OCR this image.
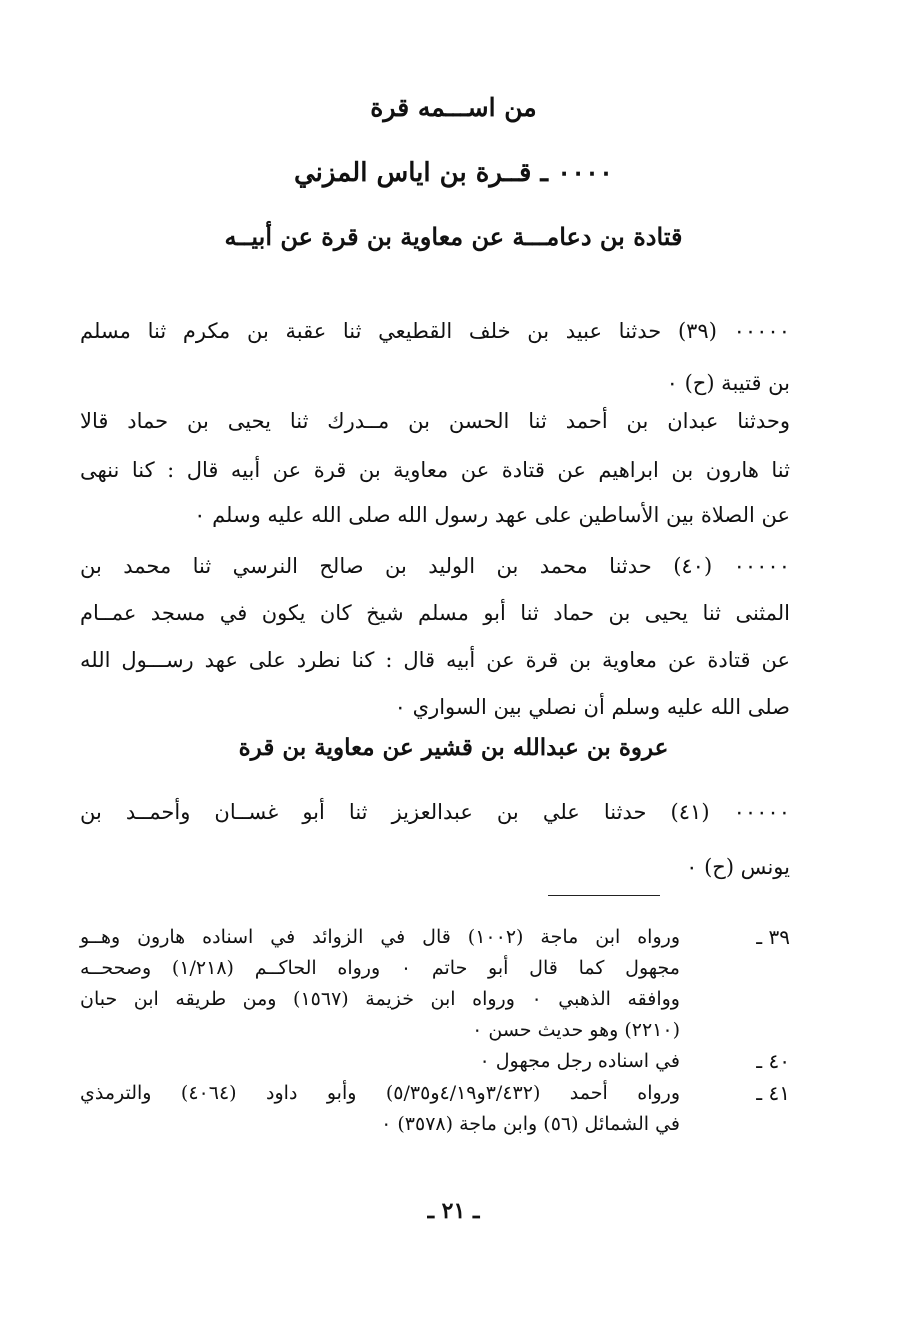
من اســـمه قرة
٠٠٠٠ ـ قــرة بن اياس المزني
قتادة بن دعامـــة عن معاوية بن قرة عن أبيــه
٠٠٠٠٠ (٣٩) حدثنا عبيد بن خلف القطيعي ثنا عقبة بن مكرم ثنا مسلم
بن قتيبة (ح) ٠
وحدثنا عبدان بن أحمد ثنا الحسن بن مــدرك ثنا يحيى بن حماد قالا
ثنا هارون بن ابراهيم عن قتادة عن معاوية بن قرة عن أبيه قال : كنا ننهى
عن الصلاة بين الأساطين على عهد رسول الله صلى الله عليه وسلم ٠
٠٠٠٠٠ (٤٠) حدثنا محمد بن الوليد بن صالح النرسي ثنا محمد بن
المثنى ثنا يحيى بن حماد ثنا أبو مسلم شيخ كان يكون في مسجد عمــام
عن قتادة عن معاوية بن قرة عن أبيه قال : كنا نطرد على عهد رســـول الله
صلى الله عليه وسلم أن نصلي بين السواري ٠
عروة بن عبدالله بن قشير عن معاوية بن قرة
٠٠٠٠٠ (٤١) حدثنا علي بن عبدالعزيز ثنا أبو غســان وأحمــد بن
يونس (ح) ٠
٣٩ ـ
ورواه ابن ماجة (١٠٠٢) قال في الزوائد في اسناده هارون وهــو
مجهول كما قال أبو حاتم ٠ ورواه الحاكــم (١/٢١٨) وصححــه
ووافقه الذهبي ٠ ورواه ابن خزيمة (١٥٦٧) ومن طريقه ابن حبان
(٢٢١٠) وهو حديث حسن ٠
٤٠ ـ
في اسناده رجل مجهول ٠
٤١ ـ
ورواه أحمد (٣/٤٣٢و٤/١٩و٥/٣٥) وأبو داود (٤٠٦٤) والترمذي
في الشمائل (٥٦) وابن ماجة (٣٥٧٨) ٠
ـ ٢١ ـ
